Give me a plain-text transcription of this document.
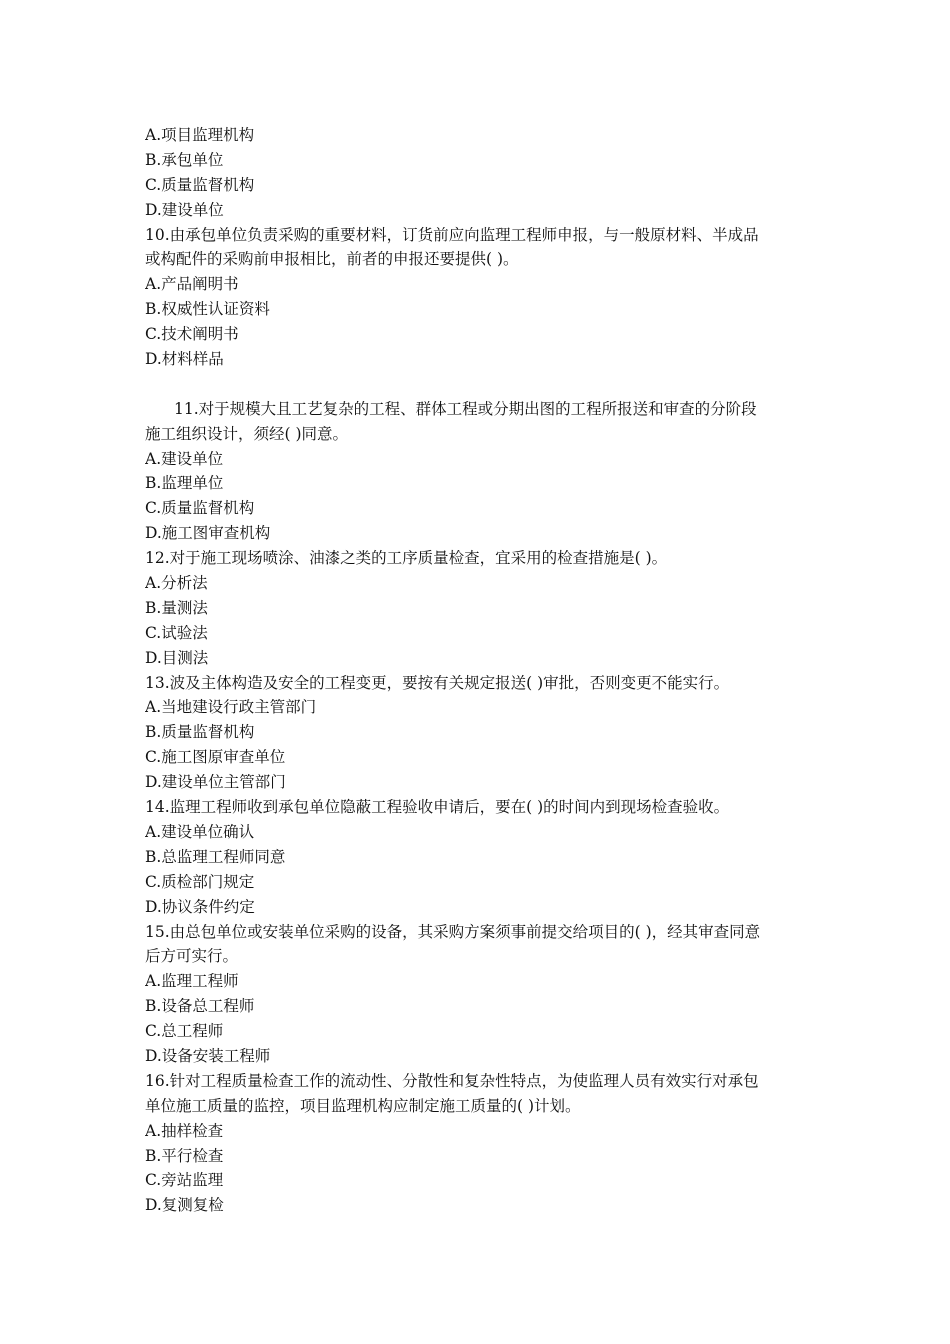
A.项目监理机构
B.承包单位
C.质量监督机构
D.建设单位
10.由承包单位负责采购的重要材料，订货前应向监理工程师申报，与一般原材料、半成品
或构配件的采购前申报相比，前者的申报还要提供( )。
A.产品阐明书
B.权威性认证资料
C.技术阐明书
D.材料样品
11.对于规模大且工艺复杂的工程、群体工程或分期出图的工程所报送和审查的分阶段
施工组织设计，须经( )同意。
A.建设单位
B.监理单位
C.质量监督机构
D.施工图审查机构
12.对于施工现场喷涂、油漆之类的工序质量检查，宜采用的检查措施是( )。
A.分析法
B.量测法
C.试验法
D.目测法
13.波及主体构造及安全的工程变更，要按有关规定报送( )审批，否则变更不能实行。
A.当地建设行政主管部门
B.质量监督机构
C.施工图原审查单位
D.建设单位主管部门
14.监理工程师收到承包单位隐蔽工程验收申请后，要在( )的时间内到现场检查验收。
A.建设单位确认
B.总监理工程师同意
C.质检部门规定
D.协议条件约定
15.由总包单位或安装单位采购的设备，其采购方案须事前提交给项目的( )，经其审查同意
后方可实行。
A.监理工程师
B.设备总工程师
C.总工程师
D.设备安装工程师
16.针对工程质量检查工作的流动性、分散性和复杂性特点，为使监理人员有效实行对承包
单位施工质量的监控，项目监理机构应制定施工质量的( )计划。
A.抽样检查
B.平行检查
C.旁站监理
D.复测复检
